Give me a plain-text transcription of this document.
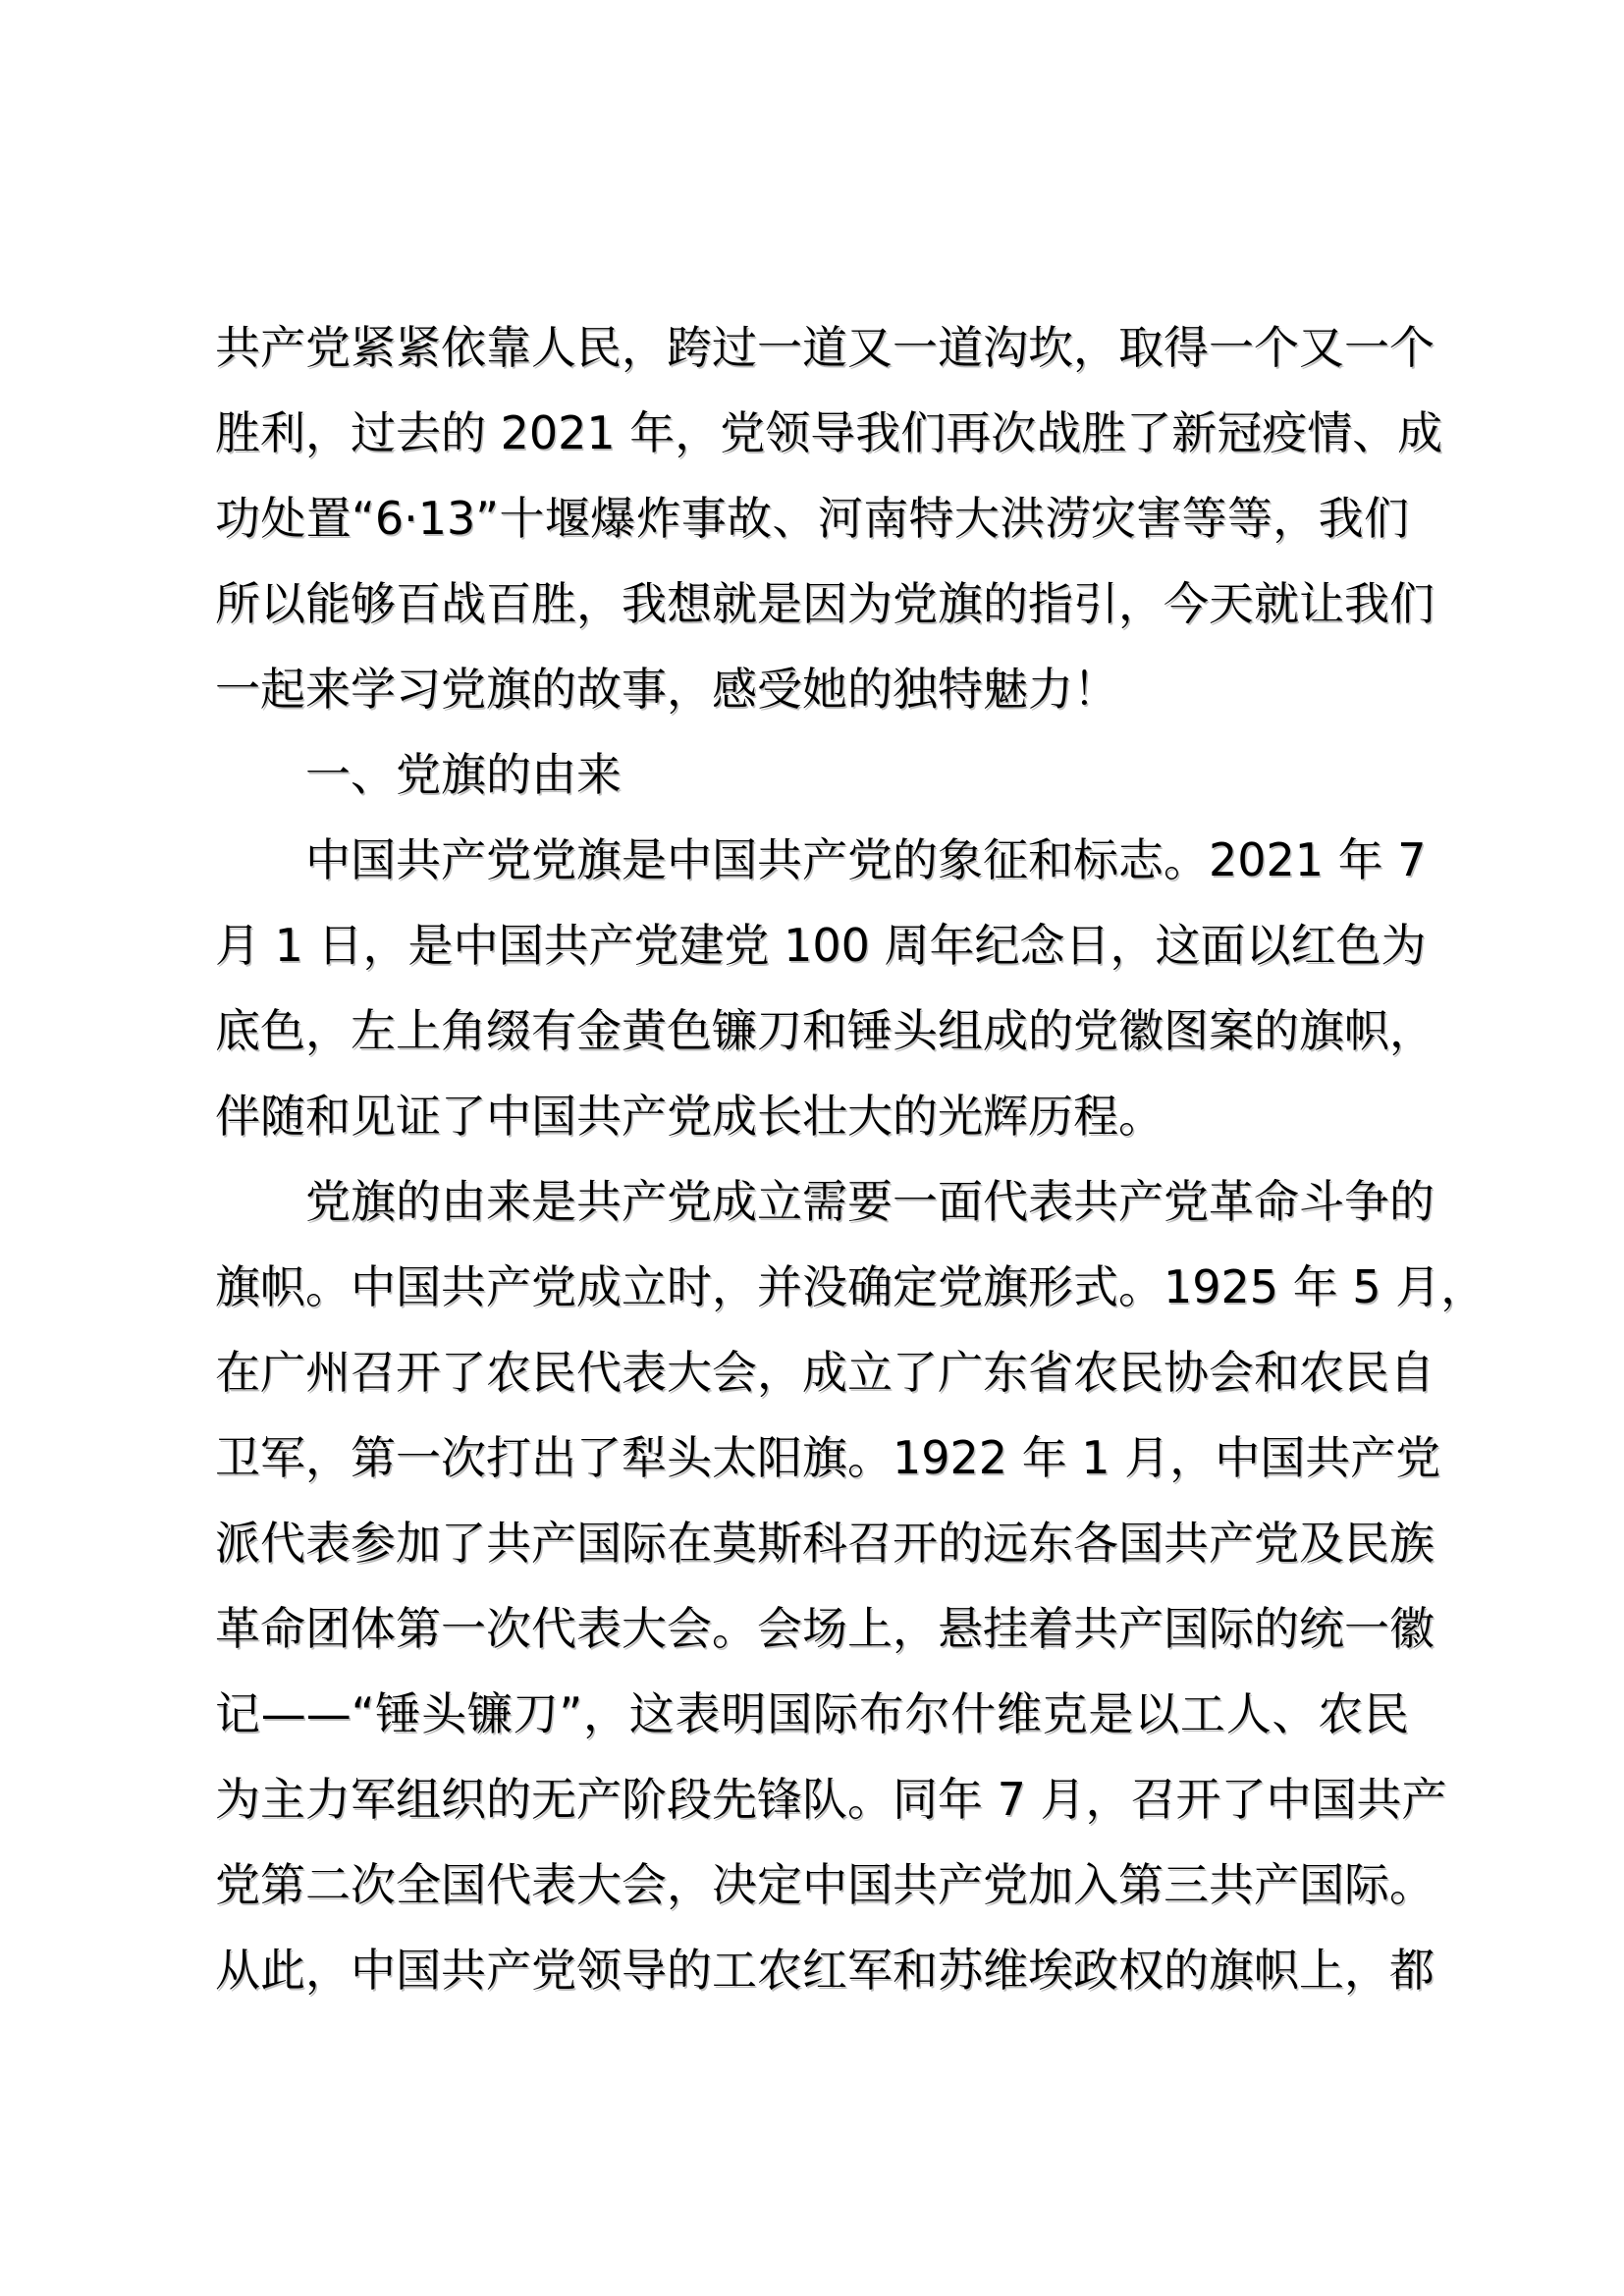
共产党紧紧依靠人民，跨过一道又一道沟坎，取得一个又一个
胜利，过去的 2021 年，党领导我们再次战胜了新冠疫情、成
功处置“6·13”十堰爆炸事故、河南特大洪涝灾害等等，我们
所以能够百战百胜，我想就是因为党旗的指引，今天就让我们
一起来学习党旗的故事，感受她的独特魅力！
一、党旗的由来
中国共产党党旗是中国共产党的象征和标志。2021 年 7
月 1 日，是中国共产党建党 100 周年纪念日，这面以红色为
底色，左上角缀有金黄色镰刀和锤头组成的党徽图案的旗帜，
伴随和见证了中国共产党成长壮大的光辉历程。
党旗的由来是共产党成立需要一面代表共产党革命斗争的
旗帜。中国共产党成立时，并没确定党旗形式。1925 年 5 月，
在广州召开了农民代表大会，成立了广东省农民协会和农民自
卫军，第一次打出了犁头太阳旗。1922 年 1 月，中国共产党
派代表参加了共产国际在莫斯科召开的远东各国共产党及民族
革命团体第一次代表大会。会场上，悬挂着共产国际的统一徽
记——“锤头镰刀”，这表明国际布尔什维克是以工人、农民
为主力军组织的无产阶段先锋队。同年 7 月，召开了中国共产
党第二次全国代表大会，决定中国共产党加入第三共产国际。
从此，中国共产党领导的工农红军和苏维埃政权的旗帜上，都
